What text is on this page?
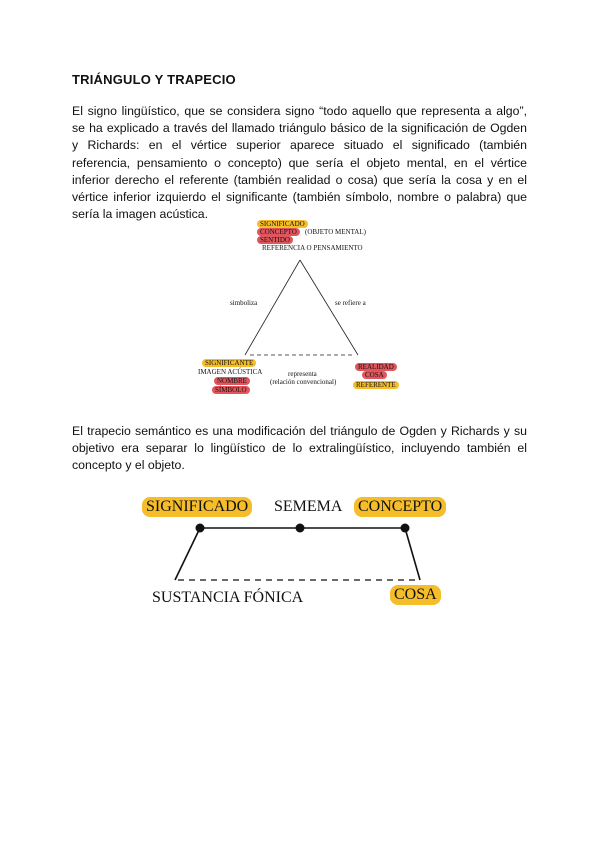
TRIÁNGULO Y TRAPECIO
El signo lingüístico, que se considera signo “todo aquello que representa a algo”, se ha explicado a través del llamado triángulo básico de la significación de Ogden y Richards: en el vértice superior aparece situado el significado (también referencia, pensamiento o concepto) que sería el objeto mental, en el vértice inferior derecho el referente (también realidad o cosa) que sería la cosa y en el vértice inferior izquierdo el significante (también símbolo, nombre o palabra) que sería la imagen acústica.
SIGNIFICADO
CONCEPTO	(OBJETO MENTAL)
SENTIDO
REFERENCIA O PENSAMIENTO
simboliza	se refiere a
SIGNIFICANTE
IMAGEN ACÚSTICA
NOMBRE
SÍMBOLO
representa
(relación convencional)
REALIDAD
COSA
REFERENTE
El trapecio semántico es una modificación del triángulo de Ogden y Richards y su objetivo era separar lo lingüístico de lo extralingüístico, incluyendo también el concepto y el objeto.
SIGNIFICADO SEMEMA CONCEPTO
SUSTANCIA FÓNICA	COSA
